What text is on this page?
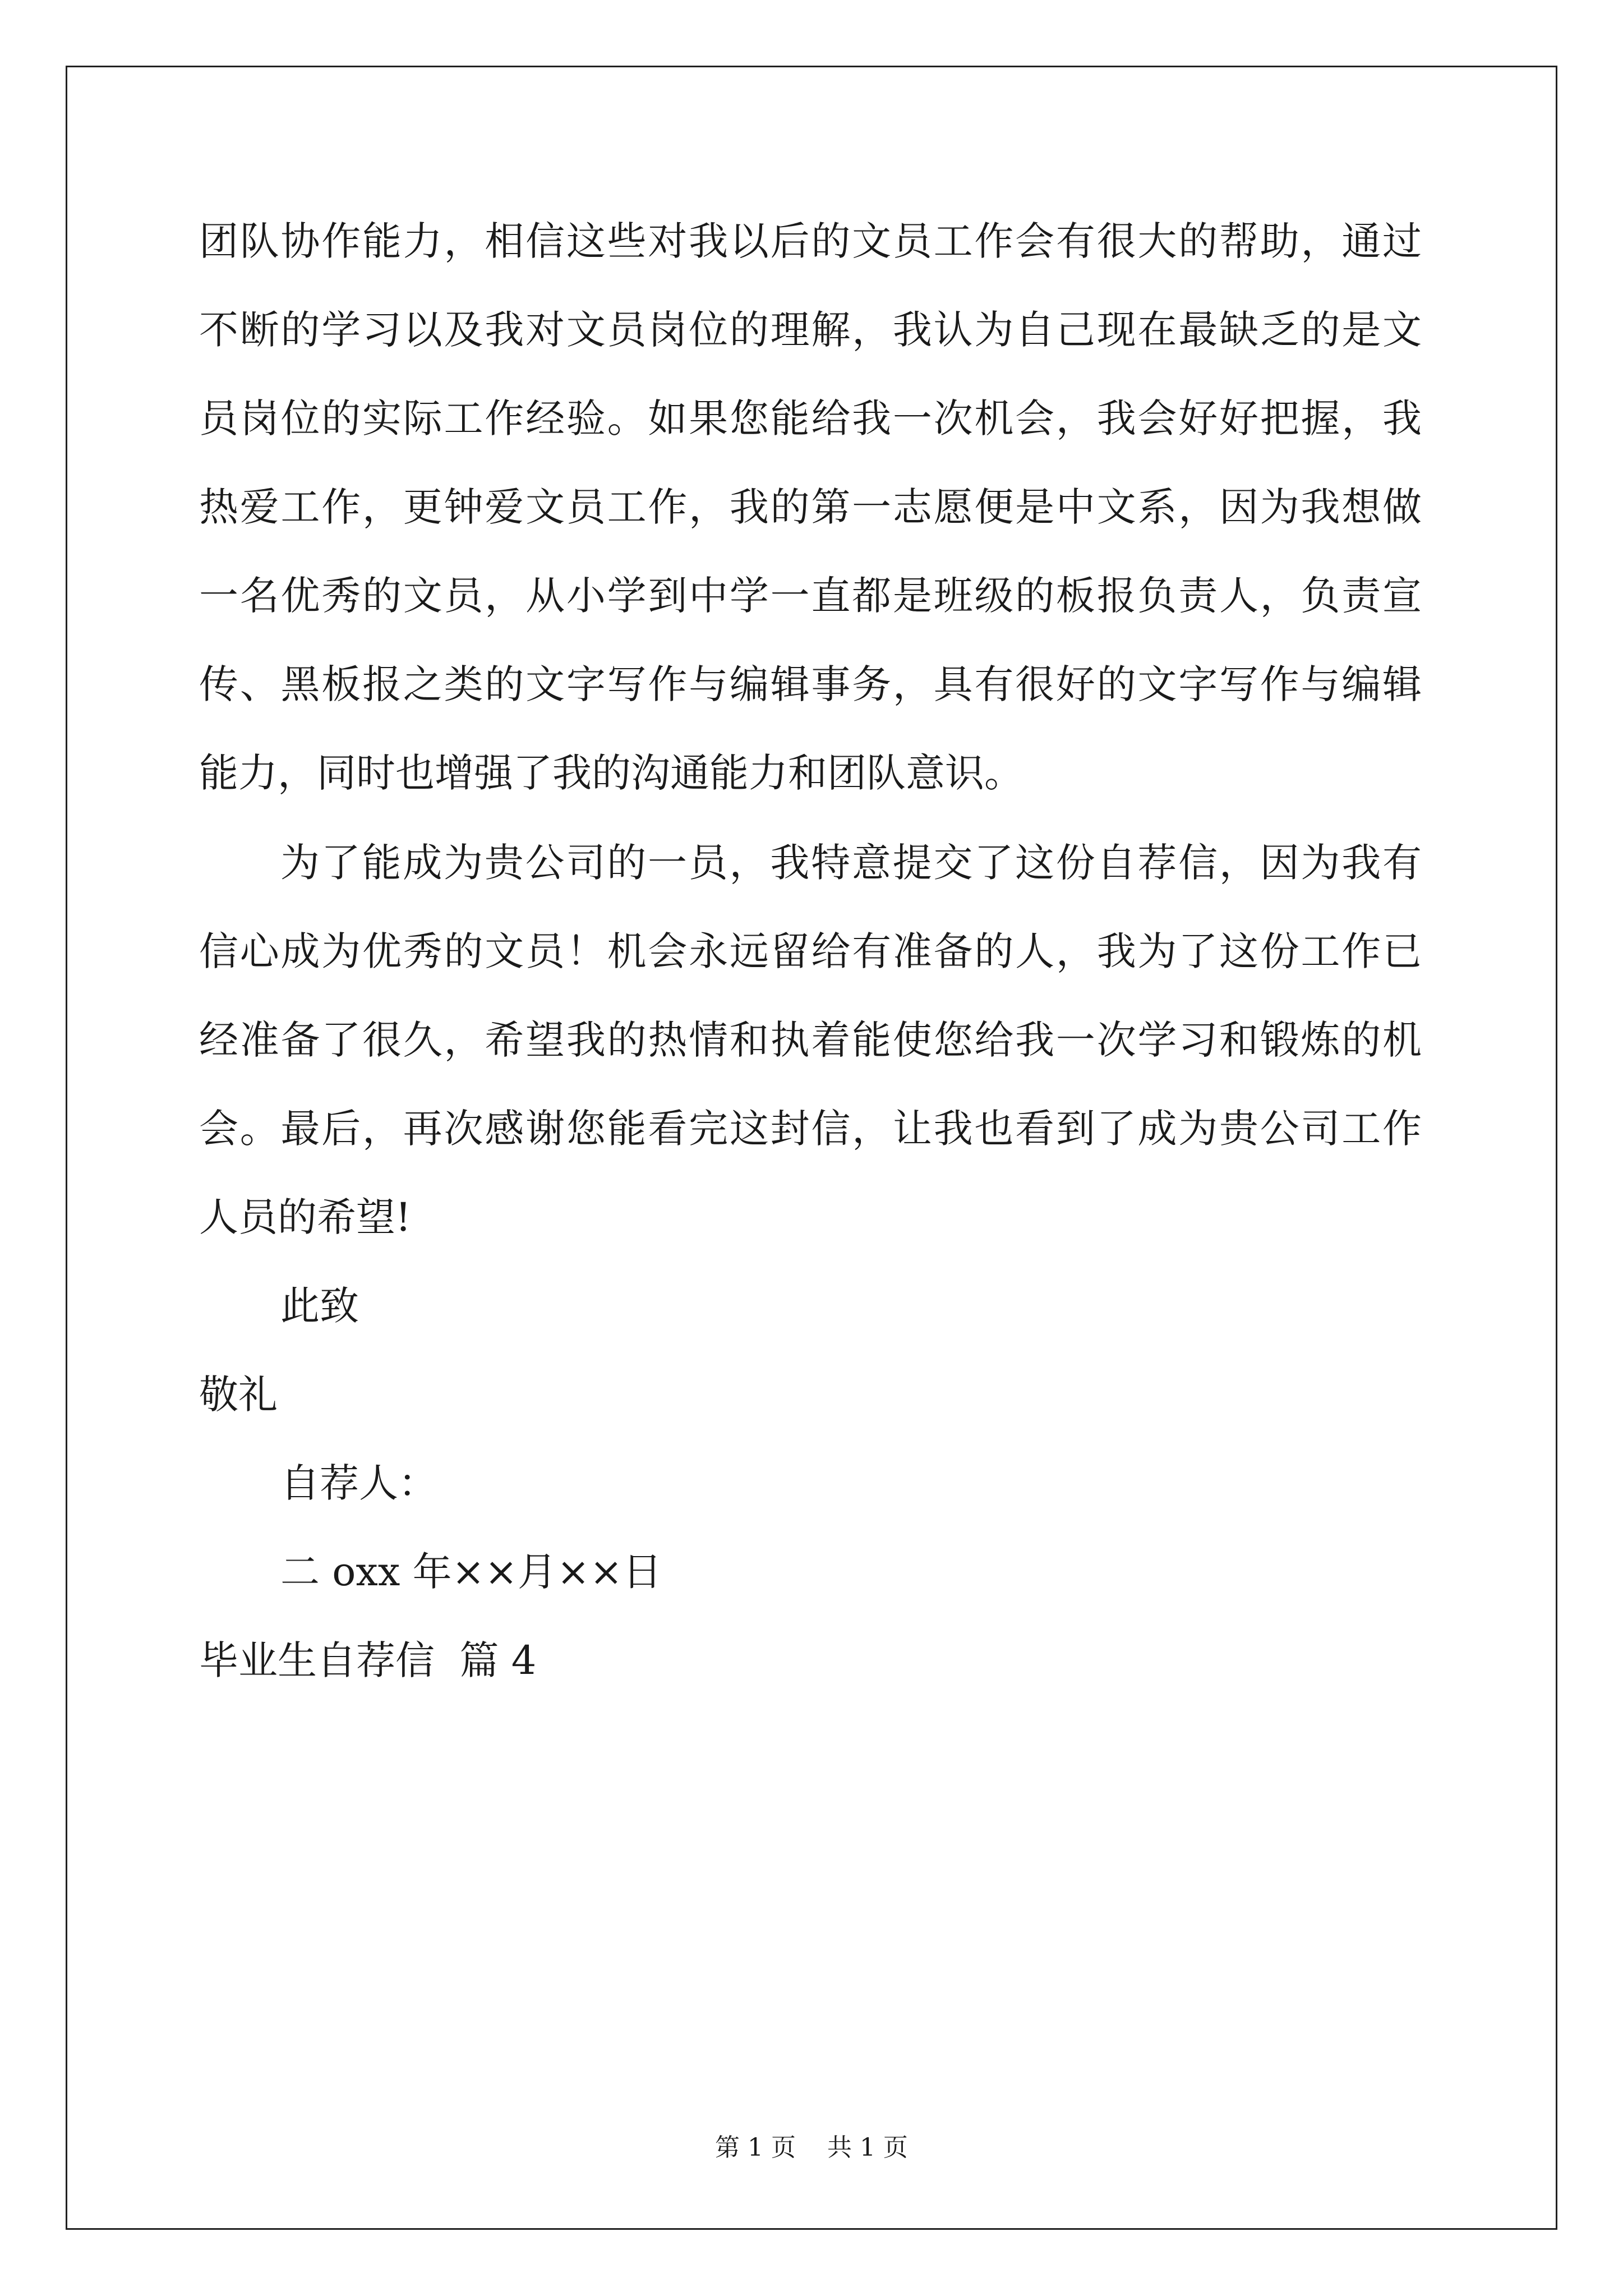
团队协作能力，相信这些对我以后的文员工作会有很大的帮助，通过
不断的学习以及我对文员岗位的理解，我认为自己现在最缺乏的是文
员岗位的实际工作经验。如果您能给我一次机会，我会好好把握，我
热爱工作，更钟爱文员工作，我的第一志愿便是中文系，因为我想做
一名优秀的文员，从小学到中学一直都是班级的板报负责人，负责宣
传、黑板报之类的文字写作与编辑事务，具有很好的文字写作与编辑
能力，同时也增强了我的沟通能力和团队意识。
为了能成为贵公司的一员，我特意提交了这份自荐信，因为我有
信心成为优秀的文员！机会永远留给有准备的人，我为了这份工作已
经准备了很久，希望我的热情和执着能使您给我一次学习和锻炼的机
会。最后，再次感谢您能看完这封信，让我也看到了成为贵公司工作
人员的希望!
此致
敬礼
自荐人：
二 oxx 年××月××日
毕业生自荐信  篇 4
第 1 页    共 1 页
